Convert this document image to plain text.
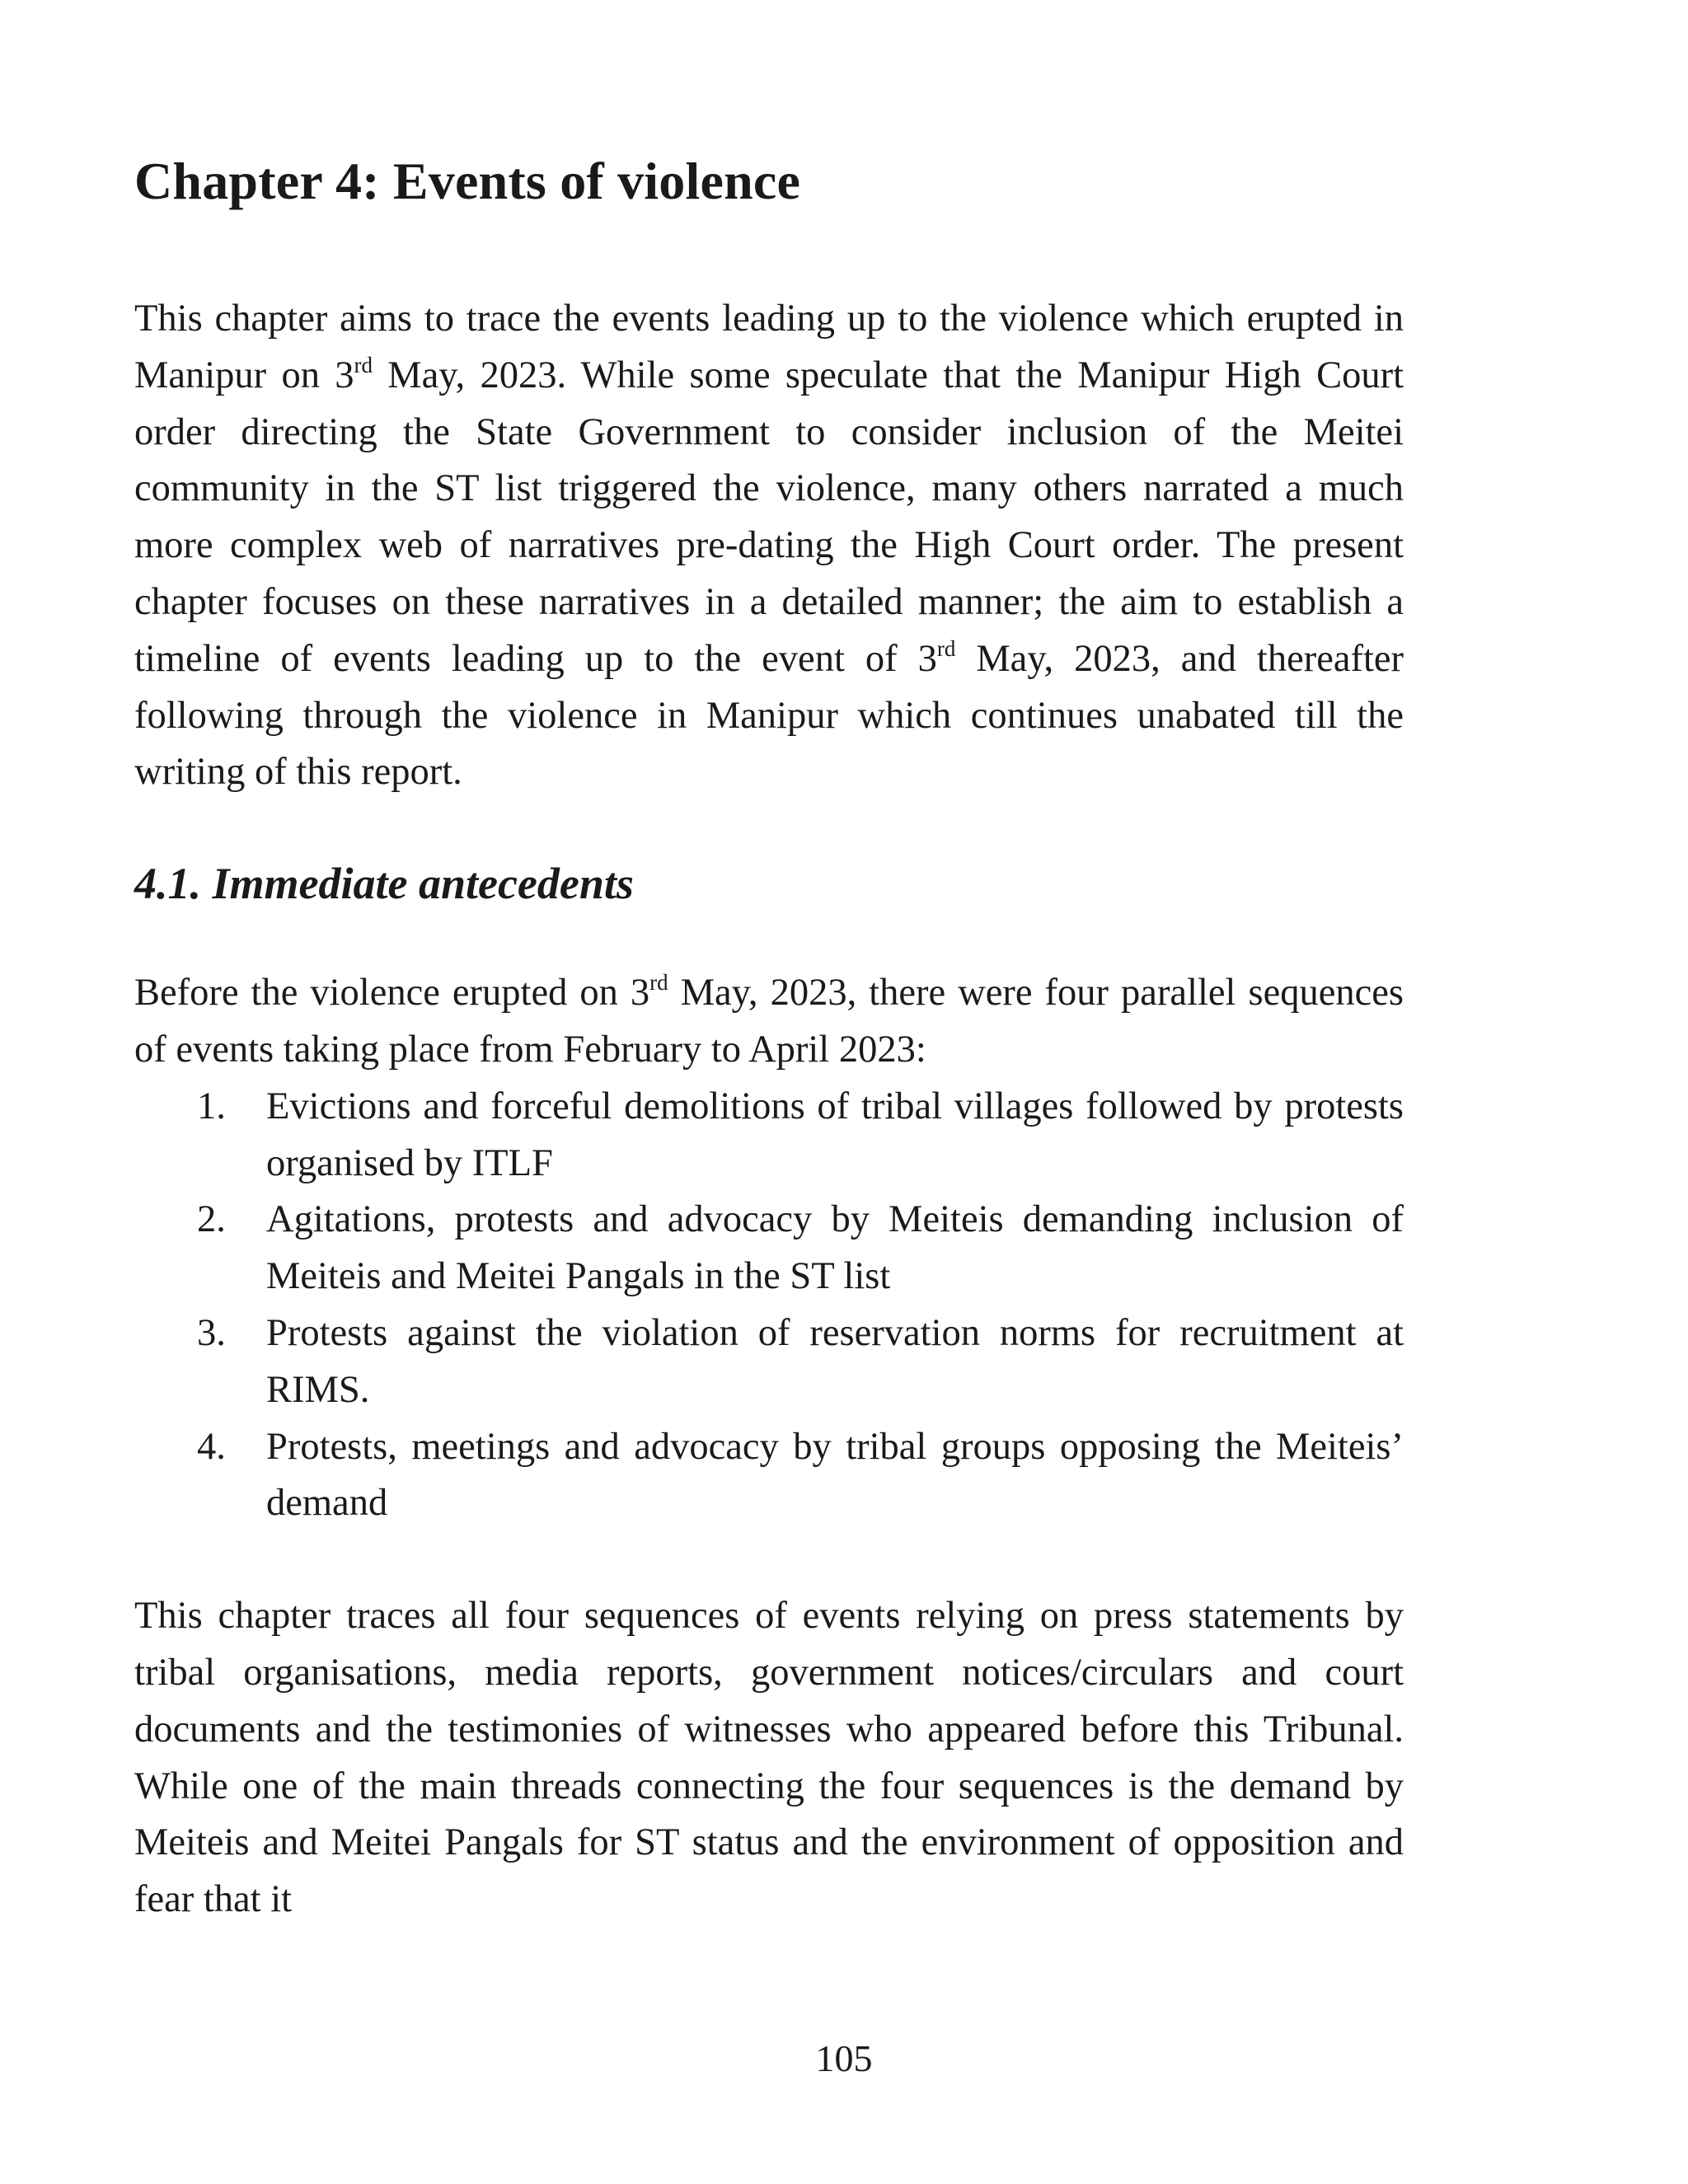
Chapter 4: Events of violence

This chapter aims to trace the events leading up to the violence which erupted in Manipur on 3rd May, 2023. While some speculate that the Manipur High Court order directing the State Government to consider inclusion of the Meitei community in the ST list triggered the violence, many others narrated a much more complex web of narratives pre-dating the High Court order. The present chapter focuses on these narratives in a detailed manner; the aim to establish a timeline of events leading up to the event of 3rd May, 2023, and thereafter following through the violence in Manipur which continues unabated till the writing of this report.

4.1. Immediate antecedents

Before the violence erupted on 3rd May, 2023, there were four parallel sequences of events taking place from February to April 2023:

1. Evictions and forceful demolitions of tribal villages followed by protests organised by ITLF
2. Agitations, protests and advocacy by Meiteis demanding inclusion of Meiteis and Meitei Pangals in the ST list
3. Protests against the violation of reservation norms for recruitment at RIMS.
4. Protests, meetings and advocacy by tribal groups opposing the Meiteis’ demand

This chapter traces all four sequences of events relying on press statements by tribal organisations, media reports, government notices/circulars and court documents and the testimonies of witnesses who appeared before this Tribunal. While one of the main threads connecting the four sequences is the demand by Meiteis and Meitei Pangals for ST status and the environment of opposition and fear that it

105
